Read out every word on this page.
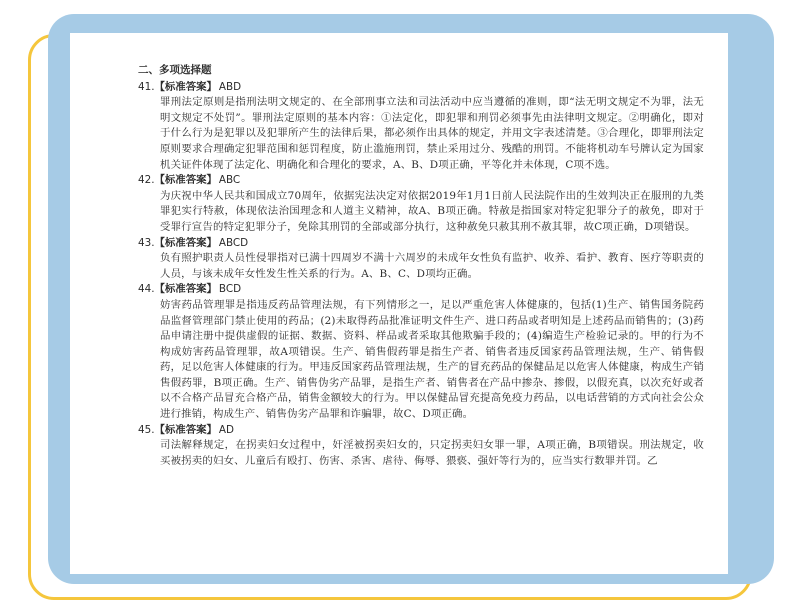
二、多项选择题
41.【标准答案】 ABD
罪刑法定原则是指刑法明文规定的、在全部刑事立法和司法活动中应当遵循的准则，即“法无明文规定不为罪，法无明文规定不处罚”。罪刑法定原则的基本内容：①法定化，即犯罪和刑罚必须事先由法律明文规定。②明确化，即对于什么行为是犯罪以及犯罪所产生的法律后果，都必须作出具体的规定，并用文字表述清楚。③合理化，即罪刑法定原则要求合理确定犯罪范围和惩罚程度，防止滥施刑罚，禁止采用过分、残酷的刑罚。不能将机动车号牌认定为国家机关证件体现了法定化、明确化和合理化的要求，A、B、D项正确，平等化并未体现，C项不选。
42.【标准答案】 ABC
为庆祝中华人民共和国成立70周年，依据宪法决定对依据2019年1月1日前人民法院作出的生效判决正在服刑的九类罪犯实行特赦，体现依法治国理念和人道主义精神，故A、B项正确。特赦是指国家对特定犯罪分子的赦免，即对于受罪行宣告的特定犯罪分子，免除其刑罚的全部或部分执行，这种赦免只赦其刑不赦其罪，故C项正确，D项错误。
43.【标准答案】 ABCD
负有照护职责人员性侵罪指对已满十四周岁不满十六周岁的未成年女性负有监护、收养、看护、教育、医疗等职责的人员，与该未成年女性发生性关系的行为。A、B、C、D项均正确。
44.【标准答案】 BCD
妨害药品管理罪是指违反药品管理法规，有下列情形之一，足以严重危害人体健康的，包括(1)生产、销售国务院药品监督管理部门禁止使用的药品；(2)未取得药品批准证明文件生产、进口药品或者明知是上述药品而销售的；(3)药品申请注册中提供虚假的证据、数据、资料、样品或者采取其他欺骗手段的；(4)编造生产检验记录的。甲的行为不构成妨害药品管理罪，故A项错误。生产、销售假药罪是指生产者、销售者违反国家药品管理法规，生产、销售假药，足以危害人体健康的行为。甲违反国家药品管理法规，生产的冒充药品的保健品足以危害人体健康，构成生产销售假药罪，B项正确。生产、销售伪劣产品罪，是指生产者、销售者在产品中掺杂、掺假，以假充真，以次充好或者以不合格产品冒充合格产品，销售金额较大的行为。甲以保健品冒充提高免疫力药品，以电话营销的方式向社会公众进行推销，构成生产、销售伪劣产品罪和诈骗罪，故C、D项正确。
45.【标准答案】 AD
司法解释规定，在拐卖妇女过程中，奸淫被拐卖妇女的，只定拐卖妇女罪一罪，A项正确，B项错误。刑法规定，收买被拐卖的妇女、儿童后有殴打、伤害、杀害、虐待、侮辱、猥亵、强奸等行为的，应当实行数罪并罚。乙
